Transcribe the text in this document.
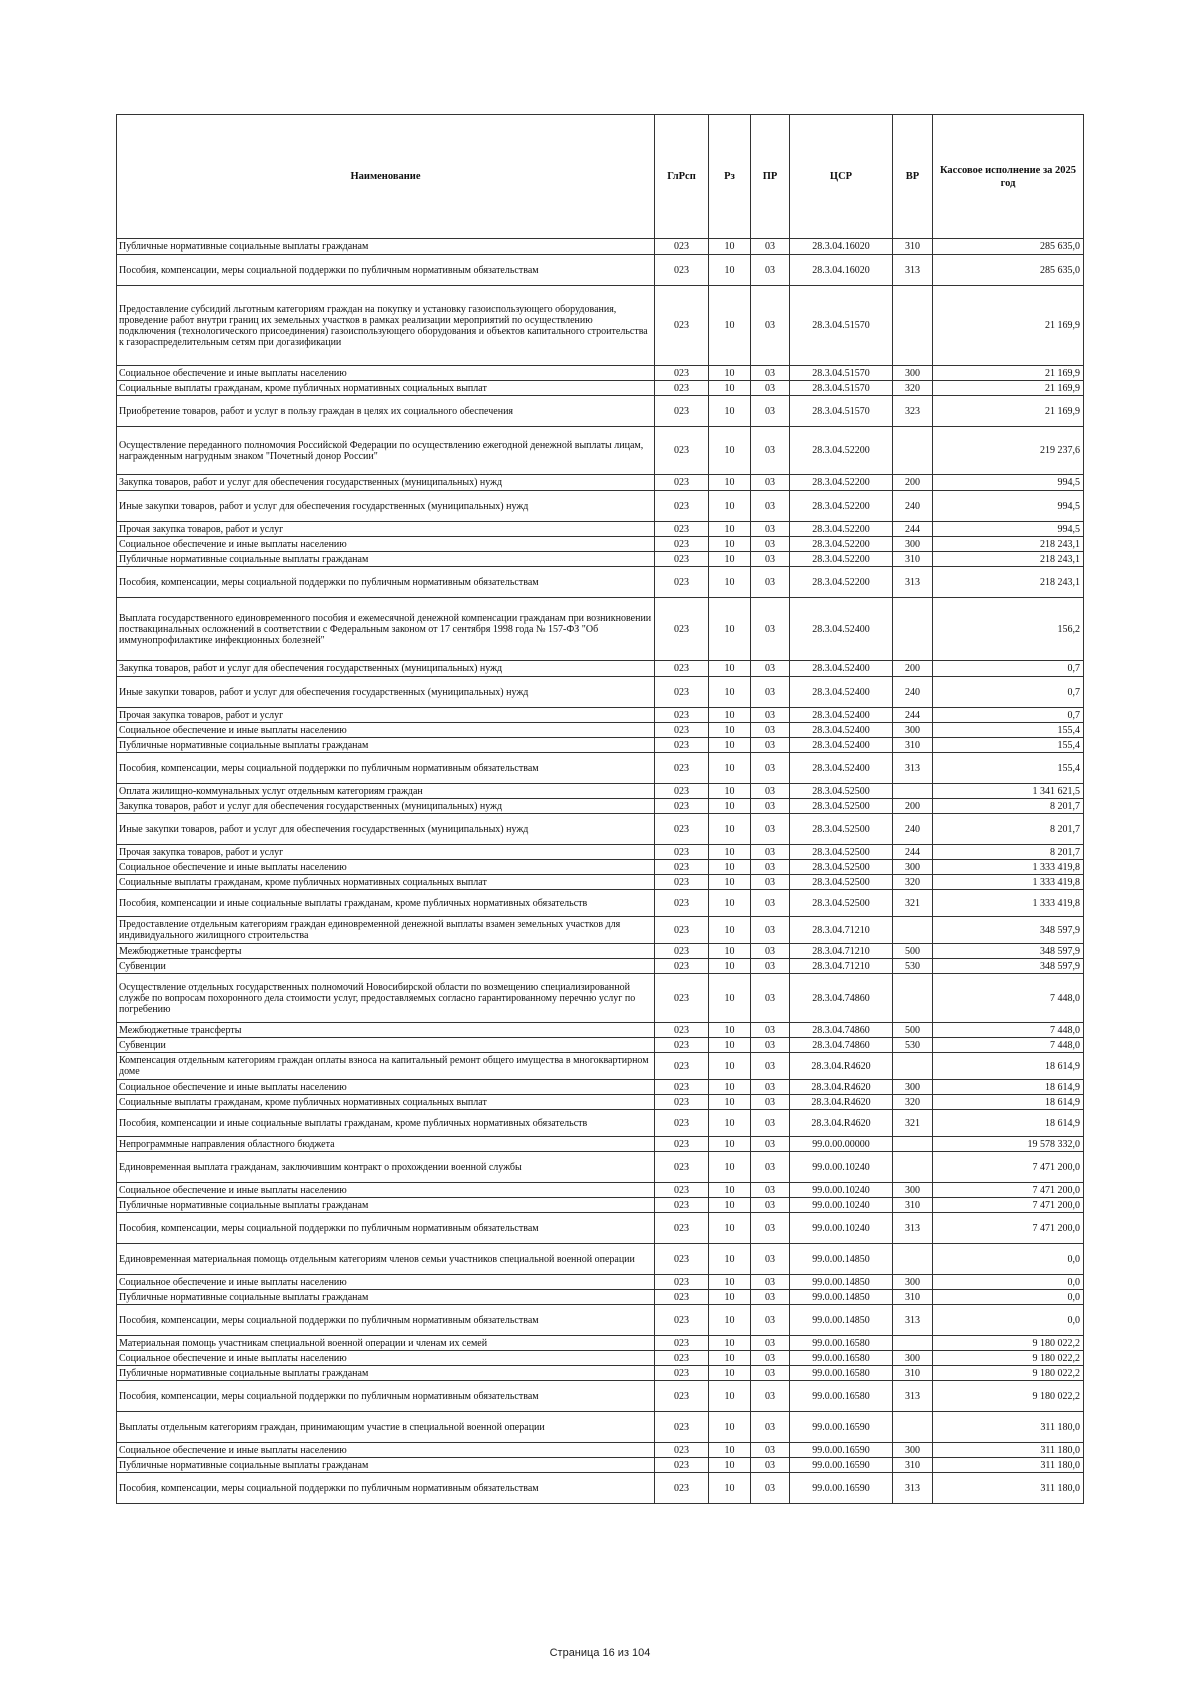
Наименование	ГлРсп	Рз	ПР	ЦСР	ВР	Кассовое исполнение за 2025 год
Публичные нормативные социальные выплаты гражданам	023	10	03	28.3.04.16020	310	285 635,0
Пособия, компенсации, меры социальной поддержки по публичным нормативным обязательствам	023	10	03	28.3.04.16020	313	285 635,0
Предоставление субсидий льготным категориям граждан на покупку и установку газоиспользующего оборудования, проведение работ внутри границ их земельных участков в рамках реализации мероприятий по осуществлению подключения (технологического присоединения) газоиспользующего оборудования и объектов капитального строительства к газораспределительным сетям при догазификации	023	10	03	28.3.04.51570		21 169,9
Социальное обеспечение и иные выплаты населению	023	10	03	28.3.04.51570	300	21 169,9
Социальные выплаты гражданам, кроме публичных нормативных социальных выплат	023	10	03	28.3.04.51570	320	21 169,9
Приобретение товаров, работ и услуг в пользу граждан в целях их социального обеспечения	023	10	03	28.3.04.51570	323	21 169,9
Осуществление переданного полномочия Российской Федерации по осуществлению ежегодной денежной выплаты лицам, награжденным нагрудным знаком "Почетный донор России"	023	10	03	28.3.04.52200		219 237,6
Закупка товаров, работ и услуг для обеспечения государственных (муниципальных) нужд	023	10	03	28.3.04.52200	200	994,5
Иные закупки товаров, работ и услуг для обеспечения государственных (муниципальных) нужд	023	10	03	28.3.04.52200	240	994,5
Прочая закупка товаров, работ и услуг	023	10	03	28.3.04.52200	244	994,5
Социальное обеспечение и иные выплаты населению	023	10	03	28.3.04.52200	300	218 243,1
Публичные нормативные социальные выплаты гражданам	023	10	03	28.3.04.52200	310	218 243,1
Пособия, компенсации, меры социальной поддержки по публичным нормативным обязательствам	023	10	03	28.3.04.52200	313	218 243,1
Выплата государственного единовременного пособия и ежемесячной денежной компенсации гражданам при возникновении поствакцинальных осложнений в соответствии с Федеральным законом от 17 сентября 1998 года № 157-ФЗ "Об иммунопрофилактике инфекционных болезней"	023	10	03	28.3.04.52400		156,2
Закупка товаров, работ и услуг для обеспечения государственных (муниципальных) нужд	023	10	03	28.3.04.52400	200	0,7
Иные закупки товаров, работ и услуг для обеспечения государственных (муниципальных) нужд	023	10	03	28.3.04.52400	240	0,7
Прочая закупка товаров, работ и услуг	023	10	03	28.3.04.52400	244	0,7
Социальное обеспечение и иные выплаты населению	023	10	03	28.3.04.52400	300	155,4
Публичные нормативные социальные выплаты гражданам	023	10	03	28.3.04.52400	310	155,4
Пособия, компенсации, меры социальной поддержки по публичным нормативным обязательствам	023	10	03	28.3.04.52400	313	155,4
Оплата жилищно-коммунальных услуг отдельным категориям граждан	023	10	03	28.3.04.52500		1 341 621,5
Закупка товаров, работ и услуг для обеспечения государственных (муниципальных) нужд	023	10	03	28.3.04.52500	200	8 201,7
Иные закупки товаров, работ и услуг для обеспечения государственных (муниципальных) нужд	023	10	03	28.3.04.52500	240	8 201,7
Прочая закупка товаров, работ и услуг	023	10	03	28.3.04.52500	244	8 201,7
Социальное обеспечение и иные выплаты населению	023	10	03	28.3.04.52500	300	1 333 419,8
Социальные выплаты гражданам, кроме публичных нормативных социальных выплат	023	10	03	28.3.04.52500	320	1 333 419,8
Пособия, компенсации и иные социальные выплаты гражданам, кроме публичных нормативных обязательств	023	10	03	28.3.04.52500	321	1 333 419,8
Предоставление отдельным категориям граждан единовременной денежной выплаты взамен земельных участков для индивидуального жилищного строительства	023	10	03	28.3.04.71210		348 597,9
Межбюджетные трансферты	023	10	03	28.3.04.71210	500	348 597,9
Субвенции	023	10	03	28.3.04.71210	530	348 597,9
Осуществление отдельных государственных полномочий Новосибирской области по возмещению специализированной службе по вопросам похоронного дела стоимости услуг, предоставляемых согласно гарантированному перечню услуг по погребению	023	10	03	28.3.04.74860		7 448,0
Межбюджетные трансферты	023	10	03	28.3.04.74860	500	7 448,0
Субвенции	023	10	03	28.3.04.74860	530	7 448,0
Компенсация отдельным категориям граждан оплаты взноса на капитальный ремонт общего имущества в многоквартирном доме	023	10	03	28.3.04.R4620		18 614,9
Социальное обеспечение и иные выплаты населению	023	10	03	28.3.04.R4620	300	18 614,9
Социальные выплаты гражданам, кроме публичных нормативных социальных выплат	023	10	03	28.3.04.R4620	320	18 614,9
Пособия, компенсации и иные социальные выплаты гражданам, кроме публичных нормативных обязательств	023	10	03	28.3.04.R4620	321	18 614,9
Непрограммные направления областного бюджета	023	10	03	99.0.00.00000		19 578 332,0
Единовременная выплата гражданам, заключившим контракт о прохождении военной службы	023	10	03	99.0.00.10240		7 471 200,0
Социальное обеспечение и иные выплаты населению	023	10	03	99.0.00.10240	300	7 471 200,0
Публичные нормативные социальные выплаты гражданам	023	10	03	99.0.00.10240	310	7 471 200,0
Пособия, компенсации, меры социальной поддержки по публичным нормативным обязательствам	023	10	03	99.0.00.10240	313	7 471 200,0
Единовременная материальная помощь отдельным категориям членов семьи участников специальной военной операции	023	10	03	99.0.00.14850		0,0
Социальное обеспечение и иные выплаты населению	023	10	03	99.0.00.14850	300	0,0
Публичные нормативные социальные выплаты гражданам	023	10	03	99.0.00.14850	310	0,0
Пособия, компенсации, меры социальной поддержки по публичным нормативным обязательствам	023	10	03	99.0.00.14850	313	0,0
Материальная помощь участникам специальной военной операции и членам их семей	023	10	03	99.0.00.16580		9 180 022,2
Социальное обеспечение и иные выплаты населению	023	10	03	99.0.00.16580	300	9 180 022,2
Публичные нормативные социальные выплаты гражданам	023	10	03	99.0.00.16580	310	9 180 022,2
Пособия, компенсации, меры социальной поддержки по публичным нормативным обязательствам	023	10	03	99.0.00.16580	313	9 180 022,2
Выплаты отдельным категориям граждан, принимающим участие в специальной военной операции	023	10	03	99.0.00.16590		311 180,0
Социальное обеспечение и иные выплаты населению	023	10	03	99.0.00.16590	300	311 180,0
Публичные нормативные социальные выплаты гражданам	023	10	03	99.0.00.16590	310	311 180,0
Пособия, компенсации, меры социальной поддержки по публичным нормативным обязательствам	023	10	03	99.0.00.16590	313	311 180,0
Страница 16 из 104
